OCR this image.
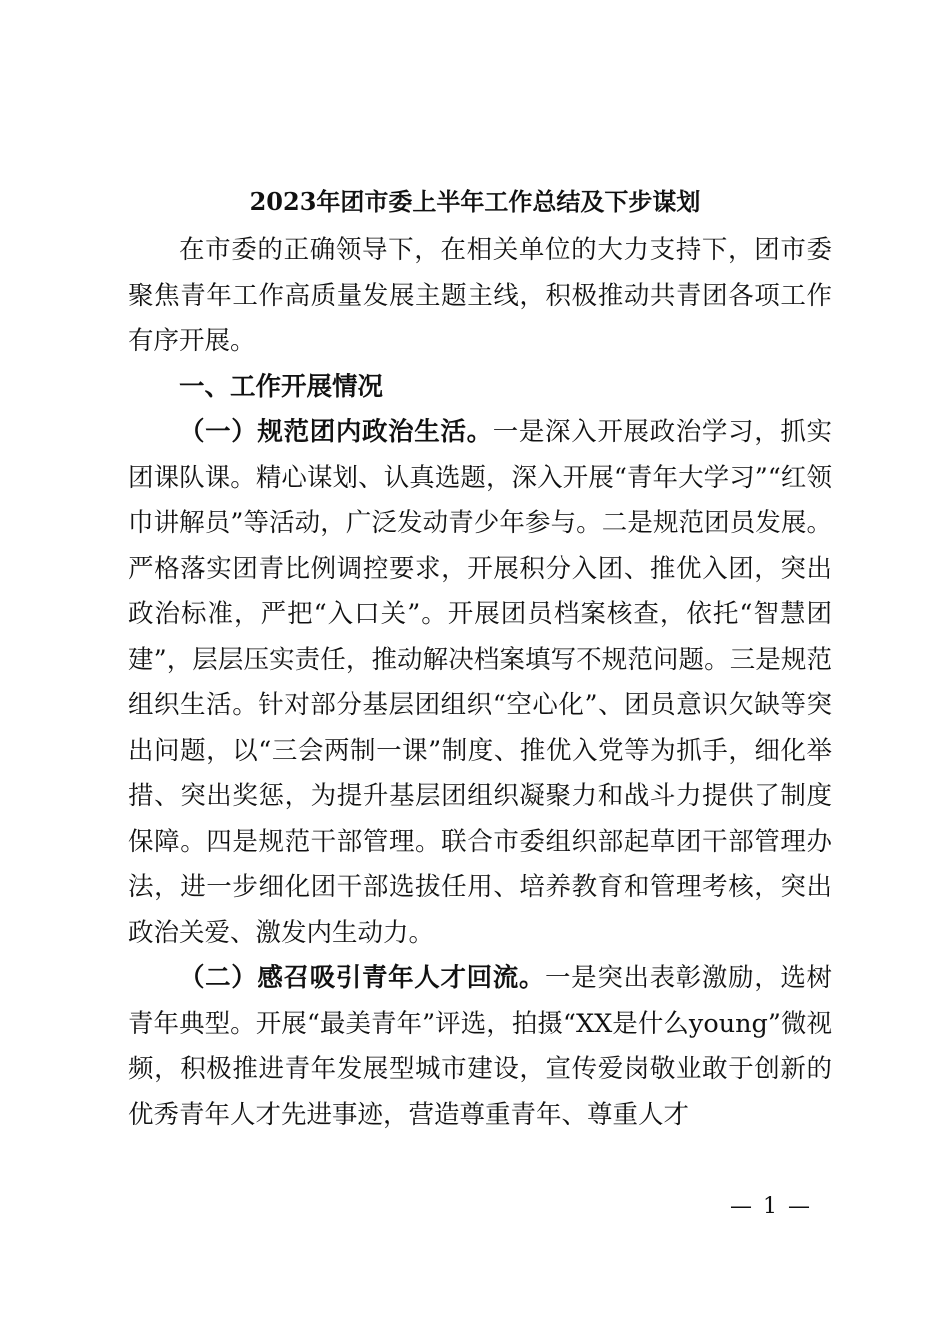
2023年团市委上半年工作总结及下步谋划

在市委的正确领导下，在相关单位的大力支持下，团市委聚焦青年工作高质量发展主题主线，积极推动共青团各项工作有序开展。

一、工作开展情况

（一）规范团内政治生活。一是深入开展政治学习，抓实团课队课。精心谋划、认真选题，深入开展“青年大学习”“红领巾讲解员”等活动，广泛发动青少年参与。二是规范团员发展。严格落实团青比例调控要求，开展积分入团、推优入团，突出政治标准，严把“入口关”。开展团员档案核查，依托“智慧团建”，层层压实责任，推动解决档案填写不规范问题。三是规范组织生活。针对部分基层团组织“空心化”、团员意识欠缺等突出问题，以“三会两制一课”制度、推优入党等为抓手，细化举措、突出奖惩，为提升基层团组织凝聚力和战斗力提供了制度保障。四是规范干部管理。联合市委组织部起草团干部管理办法，进一步细化团干部选拔任用、培养教育和管理考核，突出政治关爱、激发内生动力。

（二）感召吸引青年人才回流。一是突出表彰激励，选树青年典型。开展“最美青年”评选，拍摄“XX是什么young”微视频，积极推进青年发展型城市建设，宣传爱岗敬业敢于创新的优秀青年人才先进事迹，营造尊重青年、尊重人才

— 1 —
